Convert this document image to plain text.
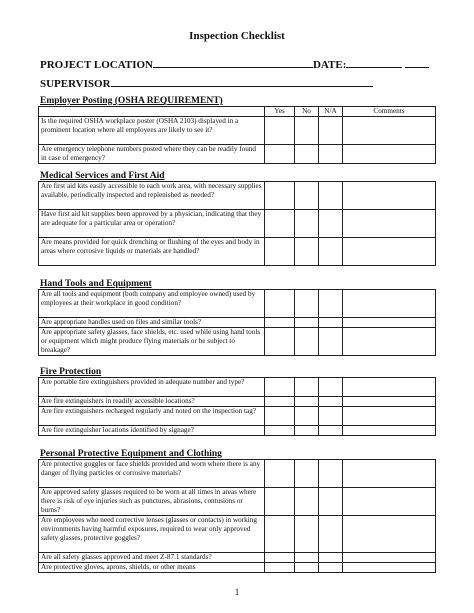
Inspection Checklist
PROJECT LOCATION	DATE:
SUPERVISOR
Employer Posting (OSHA REQUIREMENT)
	Yes	No	N/A	Comments
Is the required OSHA workplace poster (OSHA 2103) displayed in a prominent location where all employees are likely to see it?				
Are emergency telephone numbers posted where they can be readily found in case of emergency?				
Medical Services and First Aid
Are first aid kits easily accessible to each work area, with necessary supplies available, periodically inspected and replenished as needed?				
Have first aid kit supplies been approved by a physician, indicating that they are adequate for a particular area or operation?				
Are means provided for quick drenching or flushing of the eyes and body in areas where corrosive liquids or materials are handled?				
Hand Tools and Equipment
Are all tools and equipment (both company and employee owned) used by employees at their workplace in good condition?				
Are appropriate handles used on files and similar tools?				
Are appropriate safety glasses, face shields, etc. used while using hand tools or equipment which might produce flying materials or be subject to breakage?				
Fire Protection
Are portable fire extinguishers provided in adequate number and type?				
Are fire extinguishers in readily accessible locations?				
Are fire extinguishers recharged regularly and noted on the inspection tag?				
Are fire extinguisher locations identified by signage?				
Personal Protective Equipment and Clothing
Are protective goggles or face shields provided and worn where there is any danger of flying particles or corrosive materials?				
Are approved safety glasses required to be worn at all times in areas where there is risk of eye injuries such as punctures, abrasions, contusions or burns?				
Are employees who need corrective lenses (glasses or contacts) in working environments having harmful exposures, required to wear only approved safety glasses, protective goggles?				
Are all safety glasses approved and meet Z-87.1 standards?				
Are protective gloves, aprons, shields, or other means				
1
